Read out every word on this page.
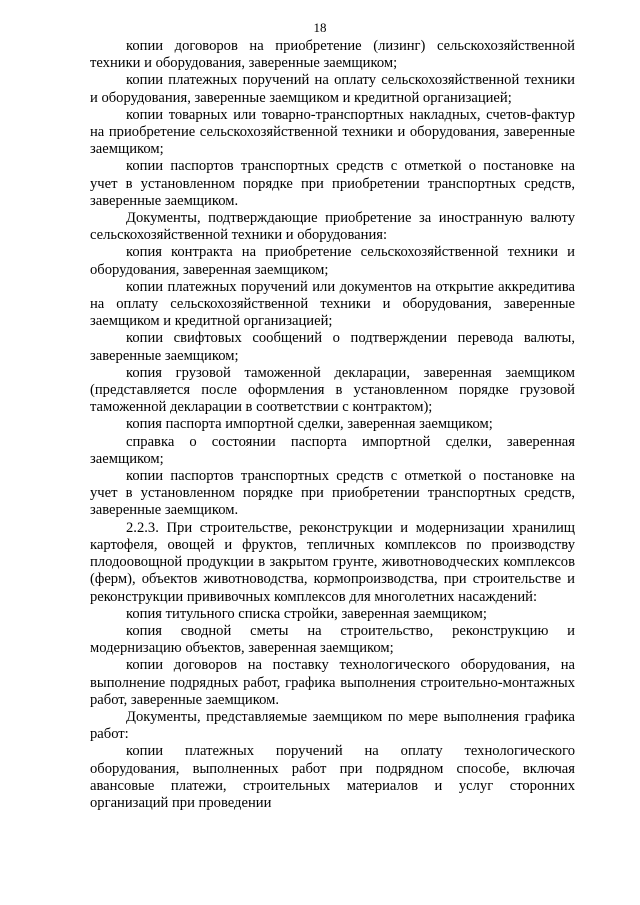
18

копии договоров на приобретение (лизинг) сельскохозяйственной техники и оборудования, заверенные заемщиком;

копии платежных поручений на оплату сельскохозяйственной техники и оборудования, заверенные заемщиком и кредитной организацией;

копии товарных или товарно-транспортных накладных, счетов-фактур на приобретение сельскохозяйственной техники и оборудования, заверенные заемщиком;

копии паспортов транспортных средств с отметкой о постановке на учет в установленном порядке при приобретении транспортных средств, заверенные заемщиком.

Документы, подтверждающие приобретение за иностранную валюту сельскохозяйственной техники и оборудования:

копия контракта на приобретение сельскохозяйственной техники и оборудования, заверенная заемщиком;

копии платежных поручений или документов на открытие аккредитива на оплату сельскохозяйственной техники и оборудования, заверенные заемщиком и кредитной организацией;

копии свифтовых сообщений о подтверждении перевода валюты, заверенные заемщиком;

копия грузовой таможенной декларации, заверенная заемщиком (представляется после оформления в установленном порядке грузовой таможенной декларации в соответствии с контрактом);

копия паспорта импортной сделки, заверенная заемщиком;

справка о состоянии паспорта импортной сделки, заверенная заемщиком;

копии паспортов транспортных средств с отметкой о постановке на учет в установленном порядке при приобретении транспортных средств, заверенные заемщиком.

2.2.3. При строительстве, реконструкции и модернизации хранилищ картофеля, овощей и фруктов, тепличных комплексов по производству плодоовощной продукции в закрытом грунте, животноводческих комплексов (ферм), объектов животноводства, кормопроизводства, при строительстве и реконструкции прививочных комплексов для многолетних насаждений:

копия титульного списка стройки, заверенная заемщиком;

копия сводной сметы на строительство, реконструкцию и модернизацию объектов, заверенная заемщиком;

копии договоров на поставку технологического оборудования, на выполнение подрядных работ, графика выполнения строительно-монтажных работ, заверенные заемщиком.

Документы, представляемые заемщиком по мере выполнения графика работ:

копии платежных поручений на оплату технологического оборудования, выполненных работ при подрядном способе, включая авансовые платежи, строительных материалов и услуг сторонних организаций при проведении
